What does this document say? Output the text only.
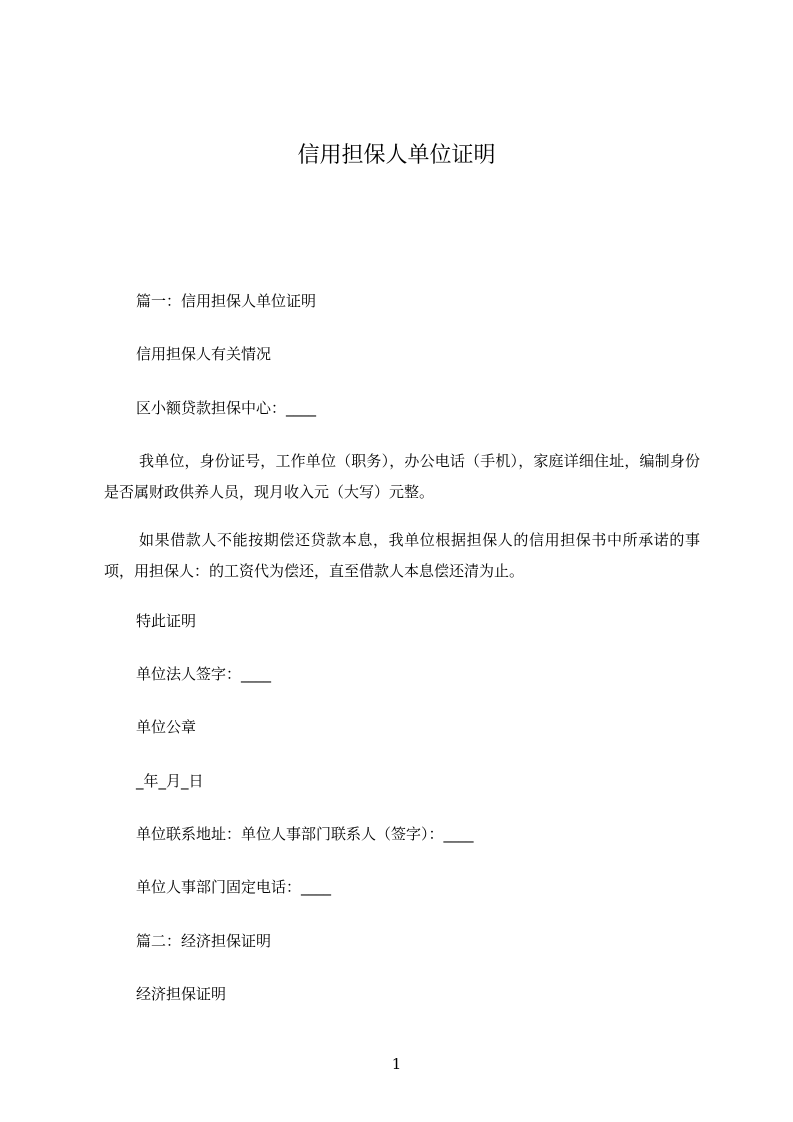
信用担保人单位证明
篇一：信用担保人单位证明
信用担保人有关情况
区小额贷款担保中心：____
我单位，身份证号，工作单位（职务），办公电话（手机），家庭详细住址，编制身份是否属财政供养人员，现月收入元（大写）元整。
如果借款人不能按期偿还贷款本息，我单位根据担保人的信用担保书中所承诺的事项，用担保人：的工资代为偿还，直至借款人本息偿还清为止。
特此证明
单位法人签字：____
单位公章
_年_月_日
单位联系地址：单位人事部门联系人（签字）：____
单位人事部门固定电话：____
篇二：经济担保证明
经济担保证明
1
